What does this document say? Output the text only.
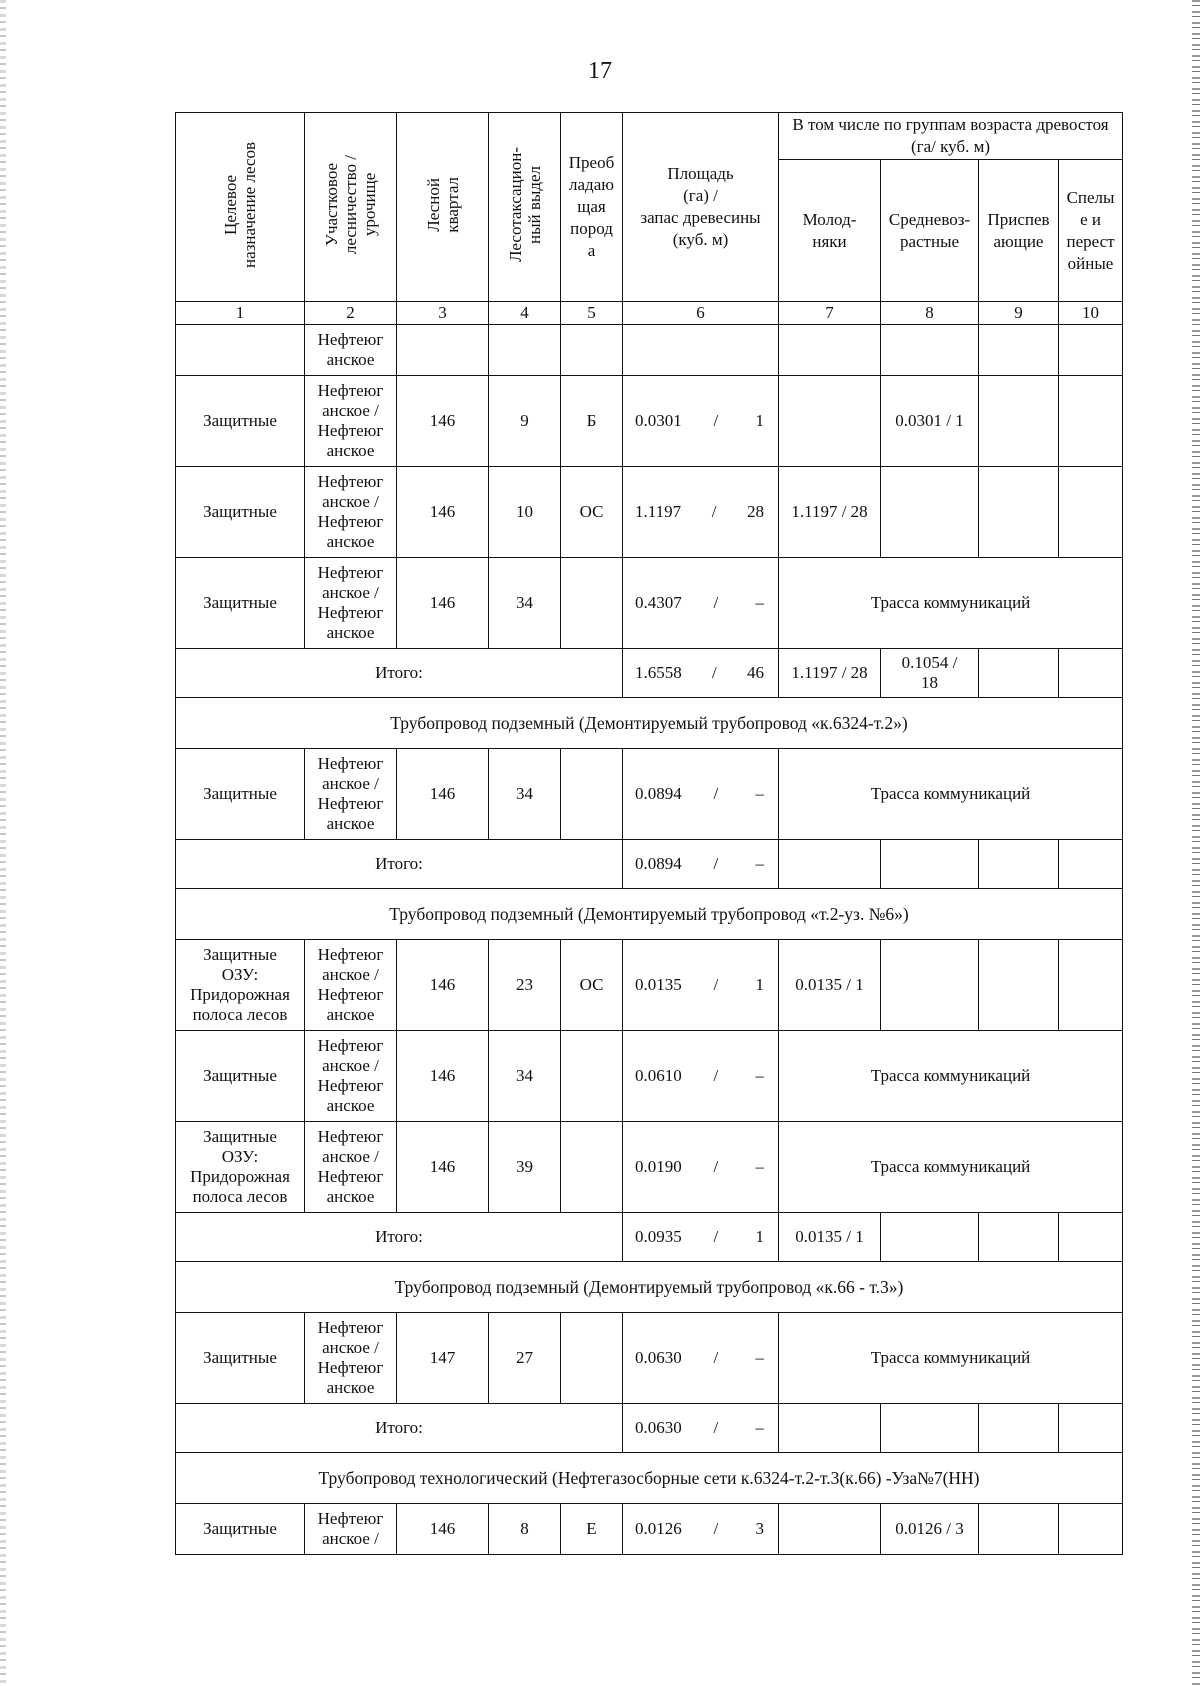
17
Целевое
назначение лесов	Участковое
лесничество /
урочище	Лесной
квартал	Лесотаксацион-
ный выдел	Преоб
ладаю
щая
пород
а	Площадь
(га) /
запас древесины
(куб. м)	В том числе по группам возраста древостоя
(га/ куб. м)			

						Молод-
няки	Средневоз-
растные	Приспев
ающие	Спелы
е и
перест
ойные

1	2	3	4	5	6	7	8	9	10

	Нефтеюг
анское								

Защитные	Нефтеюг
анское /
Нефтеюг
анское	146	9	Б	0.0301 / 1		0.0301 / 1		
Защитные	Нефтеюг
анское /
Нефтеюг
анское	146	10	ОС	1.1197 / 28	1.1197 / 28			
Защитные	Нефтеюг
анское /
Нефтеюг
анское	146	34		0.4307 / –	Трасса коммуникаций			
Итого:					1.6558 / 46	1.1197 / 28	0.1054 /
18		

Трубопровод подземный (Демонтируемый трубопровод «к.6324-т.2»)									
Защитные	Нефтеюг
анское /
Нефтеюг
анское	146	34		0.0894 / –	Трасса коммуникаций			
Итого:					0.0894 / –				

Трубопровод подземный (Демонтируемый трубопровод «т.2-уз. №6»)									

Защитные
ОЗУ:
Придорожная
полоса лесов	Нефтеюг
анское /
Нефтеюг
анское	146	23	ОС	0.0135 / 1	0.0135 / 1			
Защитные	Нефтеюг
анское /
Нефтеюг
анское	146	34		0.0610 / –	Трасса коммуникаций			

Защитные
ОЗУ:
Придорожная
полоса лесов	Нефтеюг
анское /
Нефтеюг
анское	146	39		0.0190 / –	Трасса коммуникаций			
Итого:					0.0935 / 1	0.0135 / 1			
Трубопровод подземный (Демонтируемый трубопровод «к.66 - т.3»)									
Защитные	Нефтеюг
анское /
Нефтеюг
анское	147	27		0.0630 / –	Трасса коммуникаций			
Итого:					0.0630 / –				

Трубопровод технологический (Нефтегазосборные сети к.6324-т.2-т.3(к.66) -Уза№7(НН)									
Защитные	Нефтеюг
анское /	146	8	Е	0.0126 / 3		0.0126 / 3		
